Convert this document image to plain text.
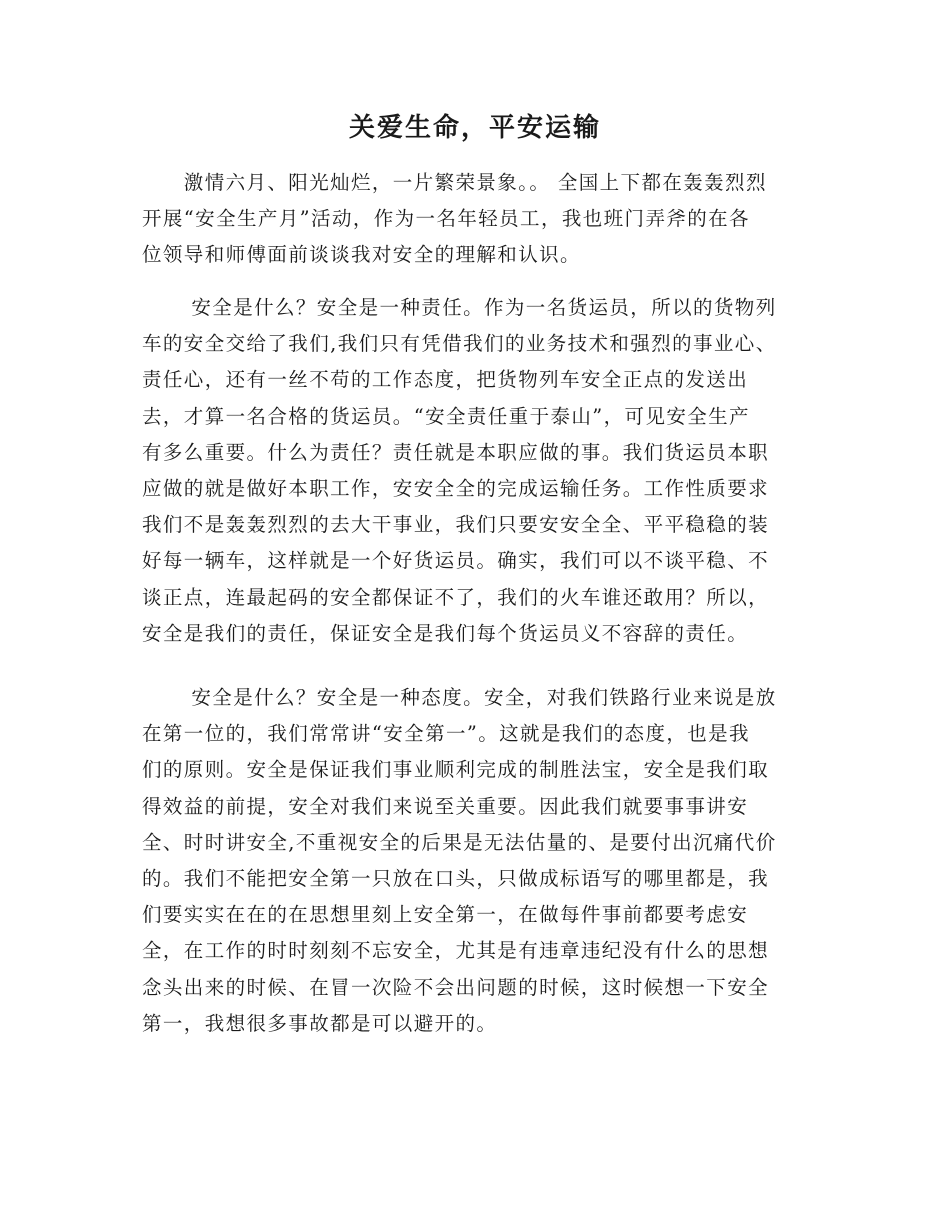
关爱生命，平安运输
　　激情六月、阳光灿烂，一片繁荣景象。。 全国上下都在轰轰烈烈
开展“安全生产月”活动，作为一名年轻员工，我也班门弄斧的在各
位领导和师傅面前谈谈我对安全的理解和认识。
　　 安全是什么？安全是一种责任。作为一名货运员，所以的货物列
车的安全交给了我们,我们只有凭借我们的业务技术和强烈的事业心、
责任心，还有一丝不苟的工作态度，把货物列车安全正点的发送出
去，才算一名合格的货运员。“安全责任重于泰山”，可见安全生产
有多么重要。什么为责任？责任就是本职应做的事。我们货运员本职
应做的就是做好本职工作，安安全全的完成运输任务。工作性质要求
我们不是轰轰烈烈的去大干事业，我们只要安安全全、平平稳稳的装
好每一辆车，这样就是一个好货运员。确实，我们可以不谈平稳、不
谈正点，连最起码的安全都保证不了，我们的火车谁还敢用？所以，
安全是我们的责任，保证安全是我们每个货运员义不容辞的责任。
　　 安全是什么？安全是一种态度。安全，对我们铁路行业来说是放
在第一位的，我们常常讲“安全第一”。这就是我们的态度，也是我
们的原则。安全是保证我们事业顺利完成的制胜法宝，安全是我们取
得效益的前提，安全对我们来说至关重要。因此我们就要事事讲安
全、时时讲安全,不重视安全的后果是无法估量的、是要付出沉痛代价
的。我们不能把安全第一只放在口头，只做成标语写的哪里都是，我
们要实实在在的在思想里刻上安全第一，在做每件事前都要考虑安
全，在工作的时时刻刻不忘安全，尤其是有违章违纪没有什么的思想
念头出来的时候、在冒一次险不会出问题的时候，这时候想一下安全
第一，我想很多事故都是可以避开的。
